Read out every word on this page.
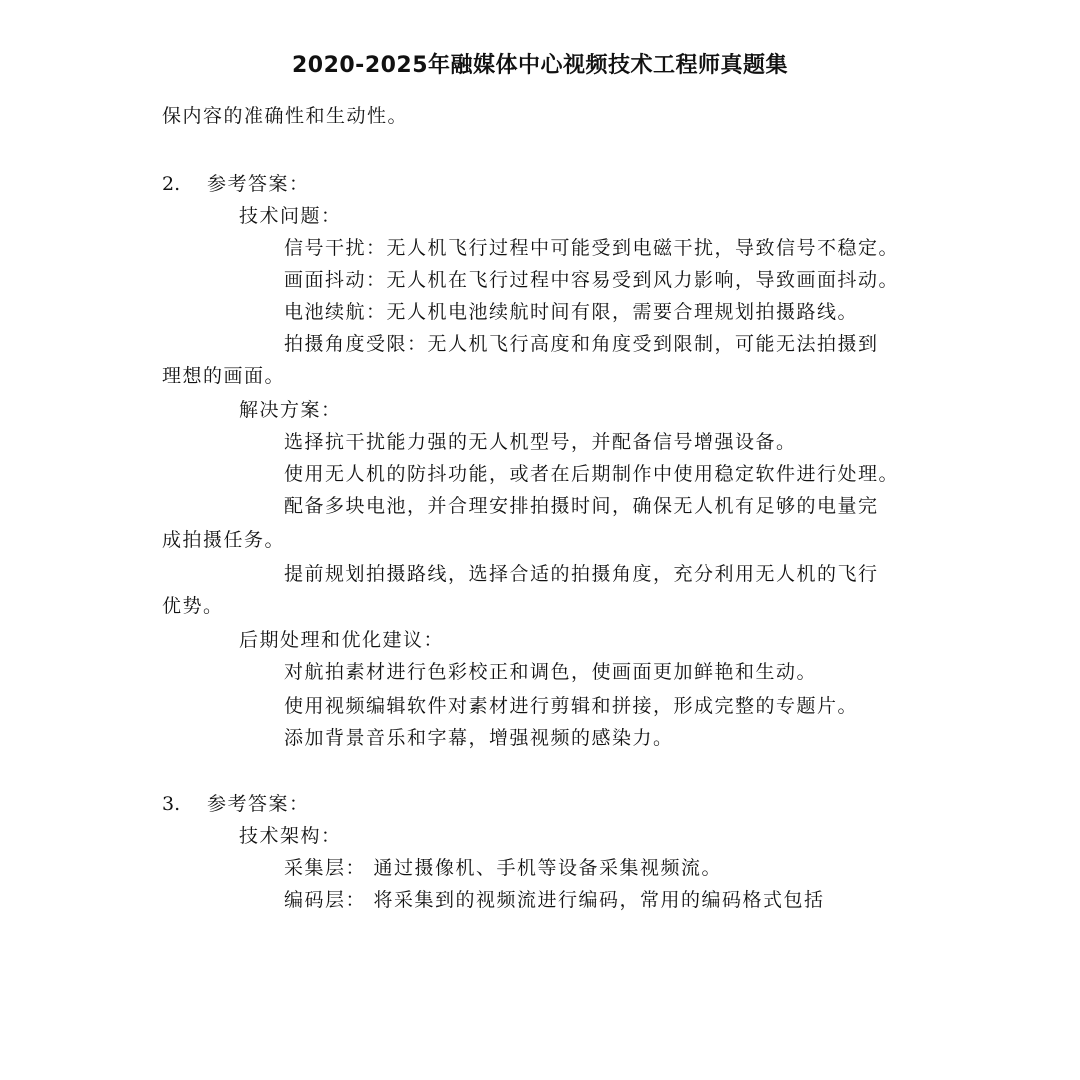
2020-2025年融媒体中心视频技术工程师真题集
保内容的准确性和生动性。
2. 参考答案：
技术问题：
信号干扰：无人机飞行过程中可能受到电磁干扰，导致信号不稳定。
画面抖动：无人机在飞行过程中容易受到风力影响，导致画面抖动。
电池续航：无人机电池续航时间有限，需要合理规划拍摄路线。
拍摄角度受限：无人机飞行高度和角度受到限制，可能无法拍摄到
理想的画面。
解决方案：
选择抗干扰能力强的无人机型号，并配备信号增强设备。
使用无人机的防抖功能，或者在后期制作中使用稳定软件进行处理。
配备多块电池，并合理安排拍摄时间，确保无人机有足够的电量完
成拍摄任务。
提前规划拍摄路线，选择合适的拍摄角度，充分利用无人机的飞行
优势。
后期处理和优化建议：
对航拍素材进行色彩校正和调色，使画面更加鲜艳和生动。
使用视频编辑软件对素材进行剪辑和拼接，形成完整的专题片。
添加背景音乐和字幕，增强视频的感染力。
3. 参考答案：
技术架构：
采集层： 通过摄像机、手机等设备采集视频流。
编码层： 将采集到的视频流进行编码，常用的编码格式包括
